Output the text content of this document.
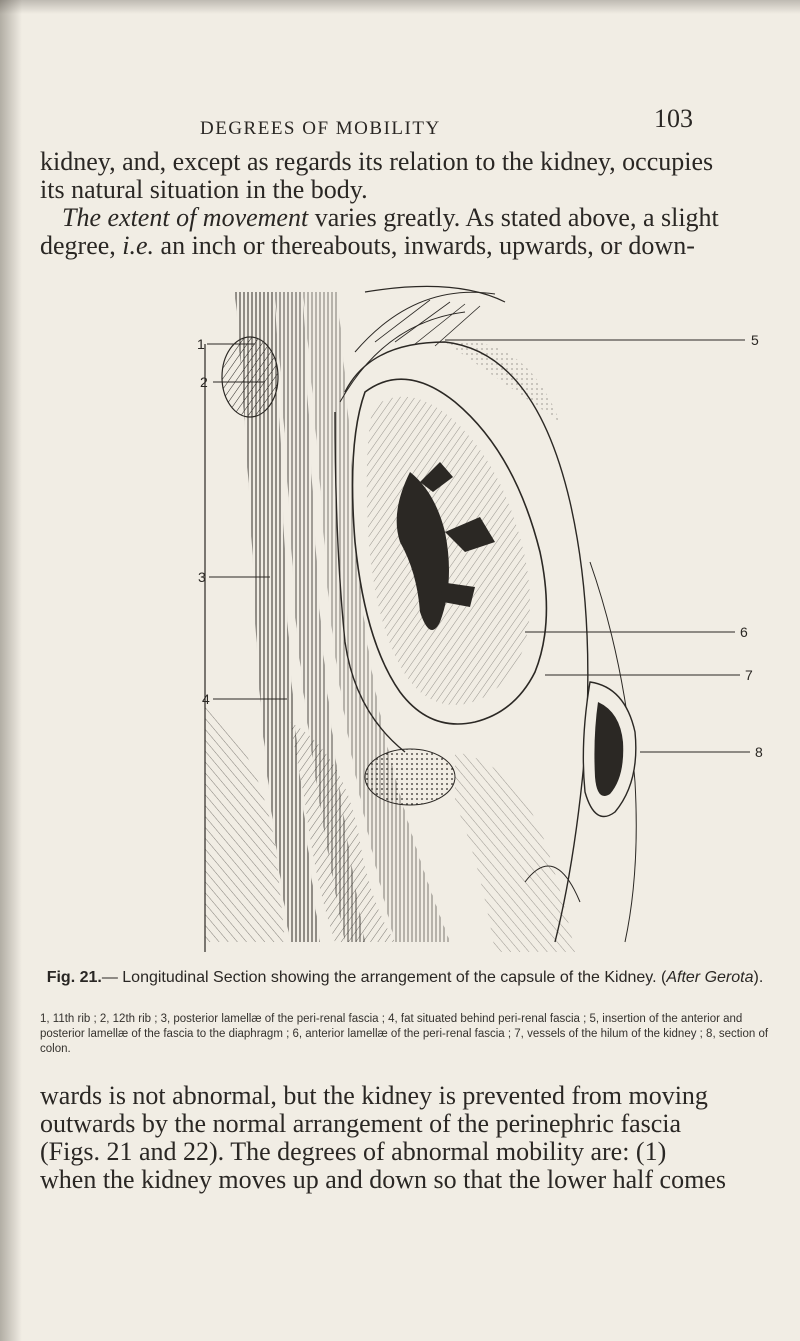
DEGREES OF MOBILITY	103

kidney, and, except as regards its relation to the kidney, occupies

its natural situation in the body.

The extent of movement varies greatly. As stated above, a slight

degree, i.e. an inch or thereabouts, inwards, upwards, or down-

1
2
3
4
5
6
7
8
Fig. 21.— Longitudinal Section showing the arrangement of the capsule of the Kidney. (After Gerota).
1, 11th rib ; 2, 12th rib ; 3, posterior lamellæ of the peri-renal fascia ; 4, fat situated behind peri-renal fascia ; 5, insertion of the anterior and posterior lamellæ of the fascia to the diaphragm ; 6, anterior lamellæ of the peri-renal fascia ; 7, vessels of the hilum of the kidney ; 8, section of colon.

wards is not abnormal, but the kidney is prevented from moving

outwards by the normal arrangement of the perinephric fascia

(Figs. 21 and 22). The degrees of abnormal mobility are: (1)

when the kidney moves up and down so that the lower half comes
